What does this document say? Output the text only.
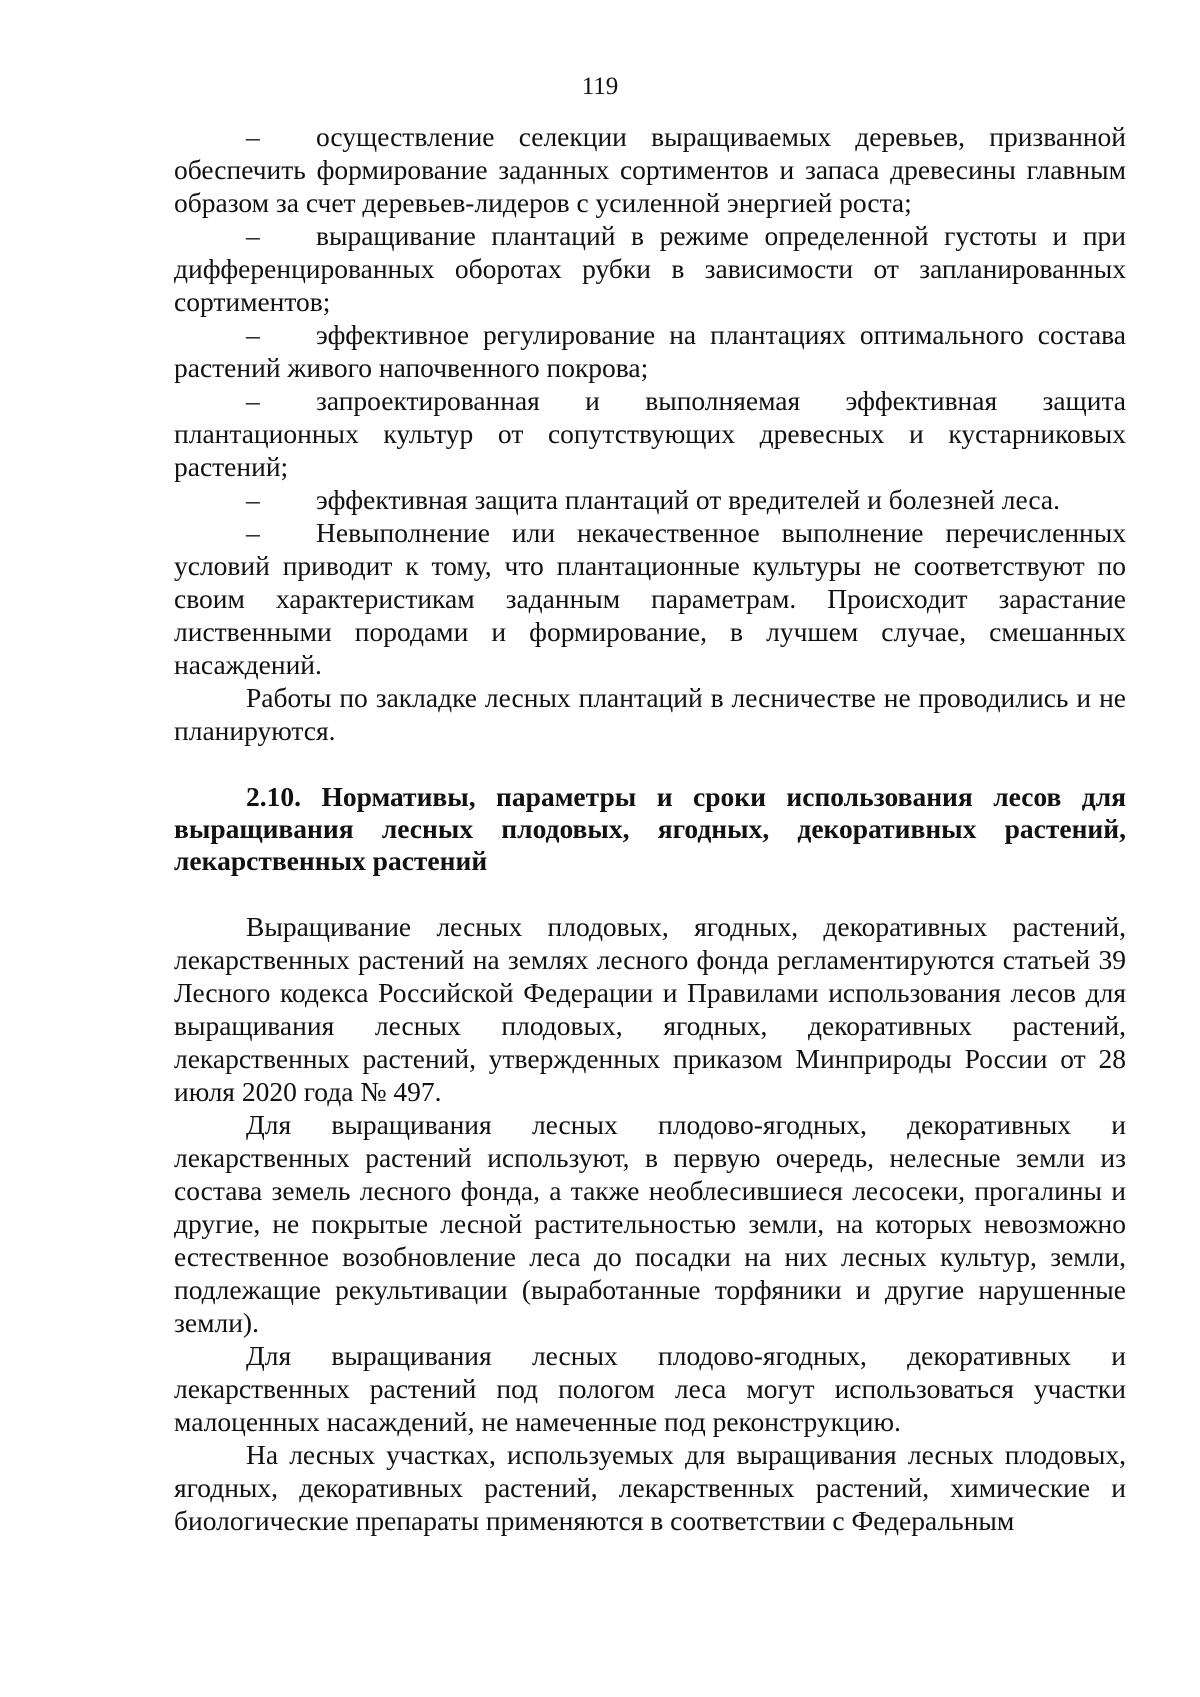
119

– осуществление селекции выращиваемых деревьев, призванной обеспечить формирование заданных сортиментов и запаса древесины главным образом за счет деревьев-лидеров с усиленной энергией роста;

– выращивание плантаций в режиме определенной густоты и при дифференцированных оборотах рубки в зависимости от запланированных сортиментов;

– эффективное регулирование на плантациях оптимального состава растений живого напочвенного покрова;

– запроектированная и выполняемая эффективная защита плантационных культур от сопутствующих древесных и кустарниковых растений;

– эффективная защита плантаций от вредителей и болезней леса.

– Невыполнение или некачественное выполнение перечисленных условий приводит к тому, что плантационные культуры не соответствуют по своим характеристикам заданным параметрам. Происходит зарастание лиственными породами и формирование, в лучшем случае, смешанных насаждений.

Работы по закладке лесных плантаций в лесничестве не проводились и не планируются.

2.10. Нормативы, параметры и сроки использования лесов для выращивания лесных плодовых, ягодных, декоративных растений, лекарственных растений

Выращивание лесных плодовых, ягодных, декоративных растений, лекарственных растений на землях лесного фонда регламентируются статьей 39 Лесного кодекса Российской Федерации и Правилами использования лесов для выращивания лесных плодовых, ягодных, декоративных растений, лекарственных растений, утвержденных приказом Минприроды России от 28 июля 2020 года № 497.

Для выращивания лесных плодово-ягодных, декоративных и лекарственных растений используют, в первую очередь, нелесные земли из состава земель лесного фонда, а также необлесившиеся лесосеки, прогалины и другие, не покрытые лесной растительностью земли, на которых невозможно естественное возобновление леса до посадки на них лесных культур, земли, подлежащие рекультивации (выработанные торфяники и другие нарушенные земли).

Для выращивания лесных плодово-ягодных, декоративных и лекарственных растений под пологом леса могут использоваться участки малоценных насаждений, не намеченные под реконструкцию.

На лесных участках, используемых для выращивания лесных плодовых, ягодных, декоративных растений, лекарственных растений, химические и биологические препараты применяются в соответствии с Федеральным
